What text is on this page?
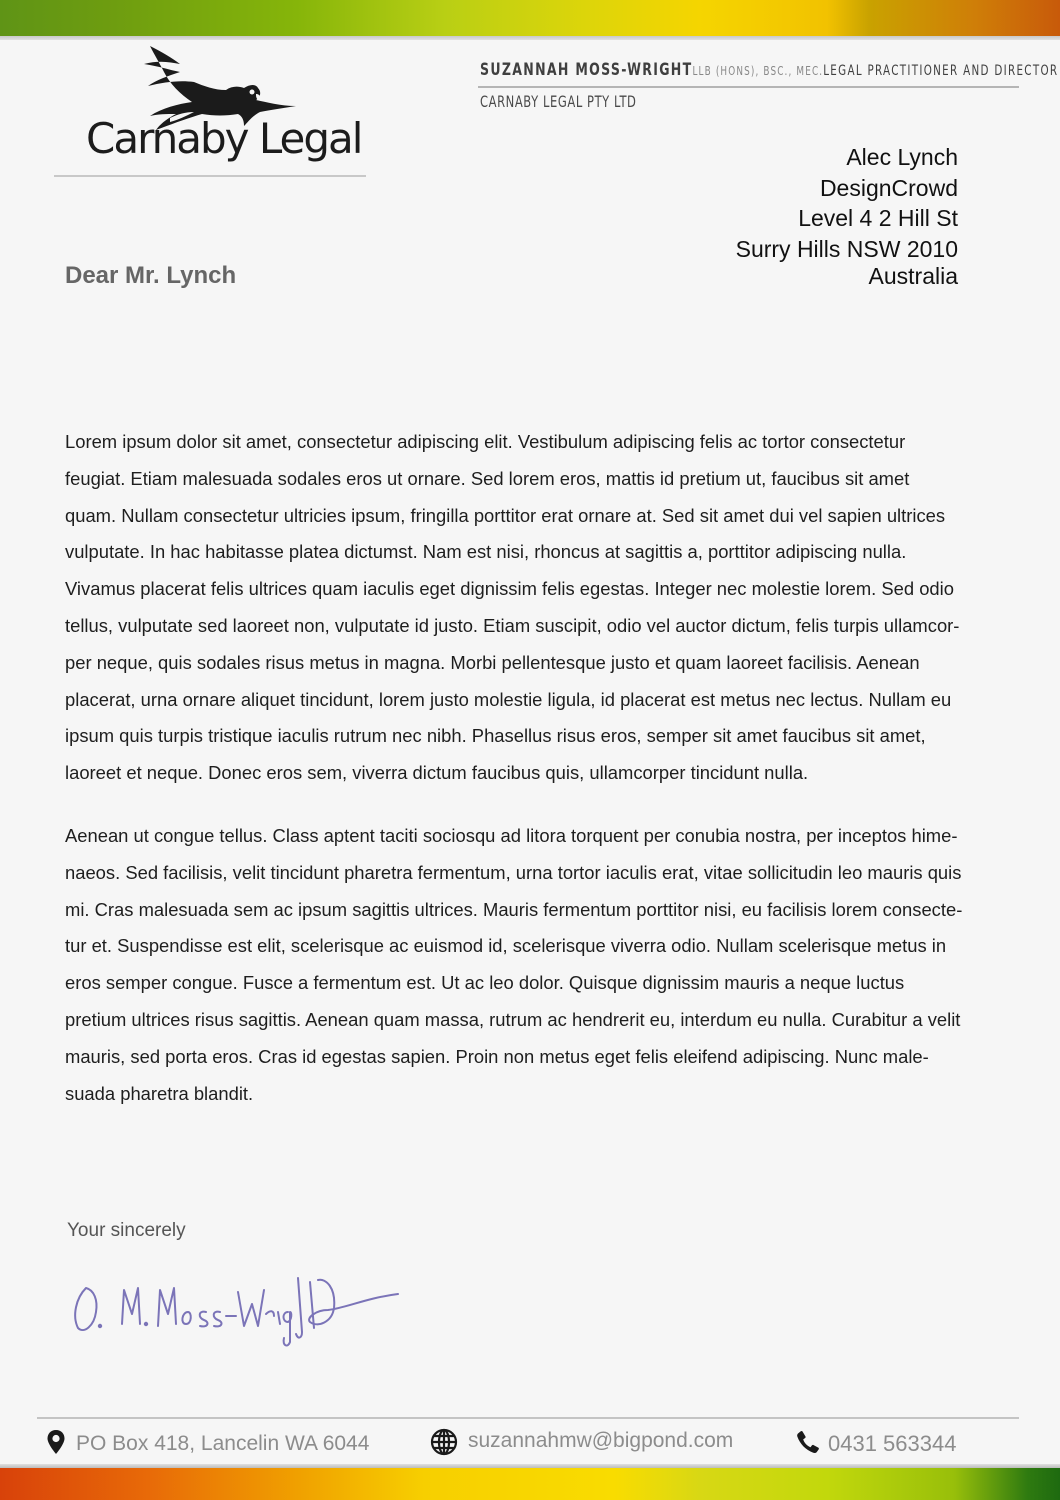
Carnaby Legal
SUZANNAH MOSS-WRIGHT LLB (HONS), BSC., MEC. LEGAL PRACTITIONER AND DIRECTOR
CARNABY LEGAL PTY LTD
Alec Lynch
DesignCrowd
Level 4 2 Hill St
Surry Hills NSW 2010
Australia
Dear Mr. Lynch

Lorem ipsum dolor sit amet, consectetur adipiscing elit. Vestibulum adipiscing felis ac tortor consectetur
feugiat. Etiam malesuada sodales eros ut ornare. Sed lorem eros, mattis id pretium ut, faucibus sit amet
quam. Nullam consectetur ultricies ipsum, fringilla porttitor erat ornare at. Sed sit amet dui vel sapien ultrices
vulputate. In hac habitasse platea dictumst. Nam est nisi, rhoncus at sagittis a, porttitor adipiscing nulla.
Vivamus placerat felis ultrices quam iaculis eget dignissim felis egestas. Integer nec molestie lorem. Sed odio
tellus, vulputate sed laoreet non, vulputate id justo. Etiam suscipit, odio vel auctor dictum, felis turpis ullamcor-
per neque, quis sodales risus metus in magna. Morbi pellentesque justo et quam laoreet facilisis. Aenean
placerat, urna ornare aliquet tincidunt, lorem justo molestie ligula, id placerat est metus nec lectus. Nullam eu
ipsum quis turpis tristique iaculis rutrum nec nibh. Phasellus risus eros, semper sit amet faucibus sit amet,
laoreet et neque. Donec eros sem, viverra dictum faucibus quis, ullamcorper tincidunt nulla.

Aenean ut congue tellus. Class aptent taciti sociosqu ad litora torquent per conubia nostra, per inceptos hime-
naeos. Sed facilisis, velit tincidunt pharetra fermentum, urna tortor iaculis erat, vitae sollicitudin leo mauris quis
mi. Cras malesuada sem ac ipsum sagittis ultrices. Mauris fermentum porttitor nisi, eu facilisis lorem consecte-
tur et. Suspendisse est elit, scelerisque ac euismod id, scelerisque viverra odio. Nullam scelerisque metus in
eros semper congue. Fusce a fermentum est. Ut ac leo dolor. Quisque dignissim mauris a neque luctus
pretium ultrices risus sagittis. Aenean quam massa, rutrum ac hendrerit eu, interdum eu nulla. Curabitur a velit
mauris, sed porta eros. Cras id egestas sapien. Proin non metus eget felis eleifend adipiscing. Nunc male-
suada pharetra blandit.

Your sincerely
PO Box 418, Lancelin WA 6044	suzannahmw@bigpond.com	0431 563344
